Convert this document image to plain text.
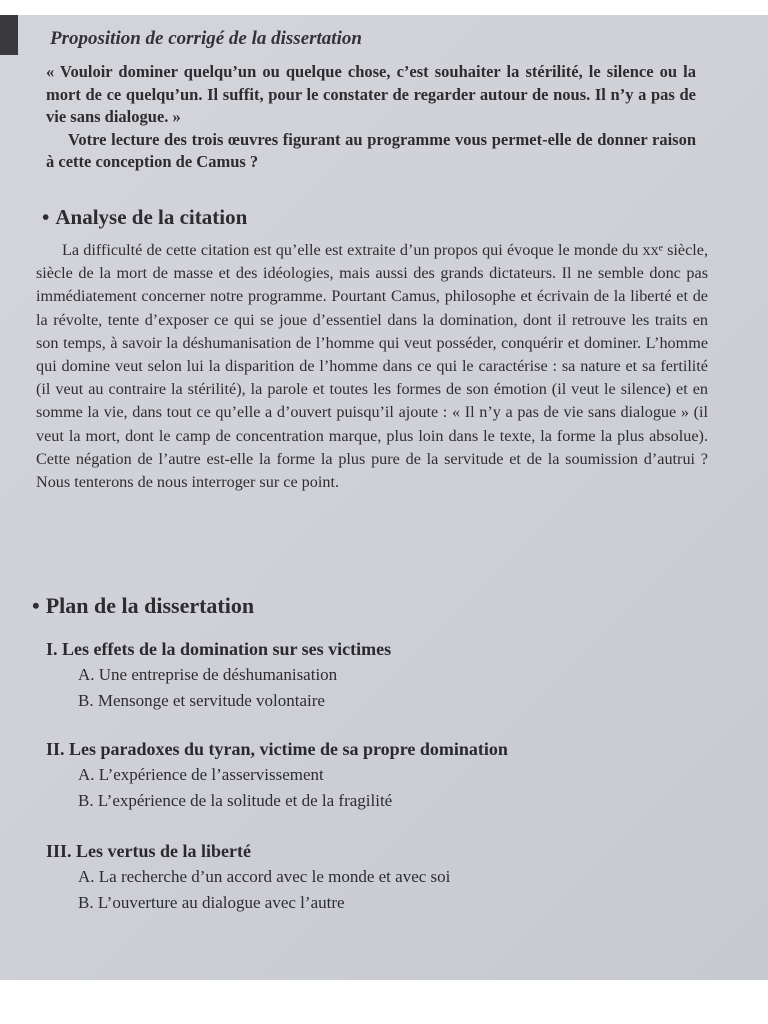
Proposition de corrigé de la dissertation

« Vouloir dominer quelqu’un ou quelque chose, c’est souhaiter la stérilité, le silence ou la mort de ce quelqu’un. Il suffit, pour le constater de regarder autour de nous. Il n’y a pas de vie sans dialogue. »

Votre lecture des trois œuvres figurant au programme vous permet-elle de donner raison à cette conception de Camus ?

• Analyse de la citation

La difficulté de cette citation est qu’elle est extraite d’un propos qui évoque le monde du xxᵉ siècle, siècle de la mort de masse et des idéologies, mais aussi des grands dictateurs. Il ne semble donc pas immédiatement concerner notre programme. Pourtant Camus, philosophe et écrivain de la liberté et de la révolte, tente d’exposer ce qui se joue d’essentiel dans la domination, dont il retrouve les traits en son temps, à savoir la déshumanisation de l’homme qui veut posséder, conquérir et dominer. L’homme qui domine veut selon lui la disparition de l’homme dans ce qui le caractérise : sa nature et sa fertilité (il veut au contraire la stérilité), la parole et toutes les formes de son émotion (il veut le silence) et en somme la vie, dans tout ce qu’elle a d’ouvert puisqu’il ajoute : « Il n’y a pas de vie sans dialogue » (il veut la mort, dont le camp de concentration marque, plus loin dans le texte, la forme la plus absolue). Cette négation de l’autre est-elle la forme la plus pure de la servitude et de la soumission d’autrui ? Nous tenterons de nous interroger sur ce point.

• Plan de la dissertation
I. Les effets de la domination sur ses victimes
A. Une entreprise de déshumanisation
B. Mensonge et servitude volontaire
II. Les paradoxes du tyran, victime de sa propre domination
A. L’expérience de l’asservissement
B. L’expérience de la solitude et de la fragilité
III. Les vertus de la liberté
A. La recherche d’un accord avec le monde et avec soi
B. L’ouverture au dialogue avec l’autre
